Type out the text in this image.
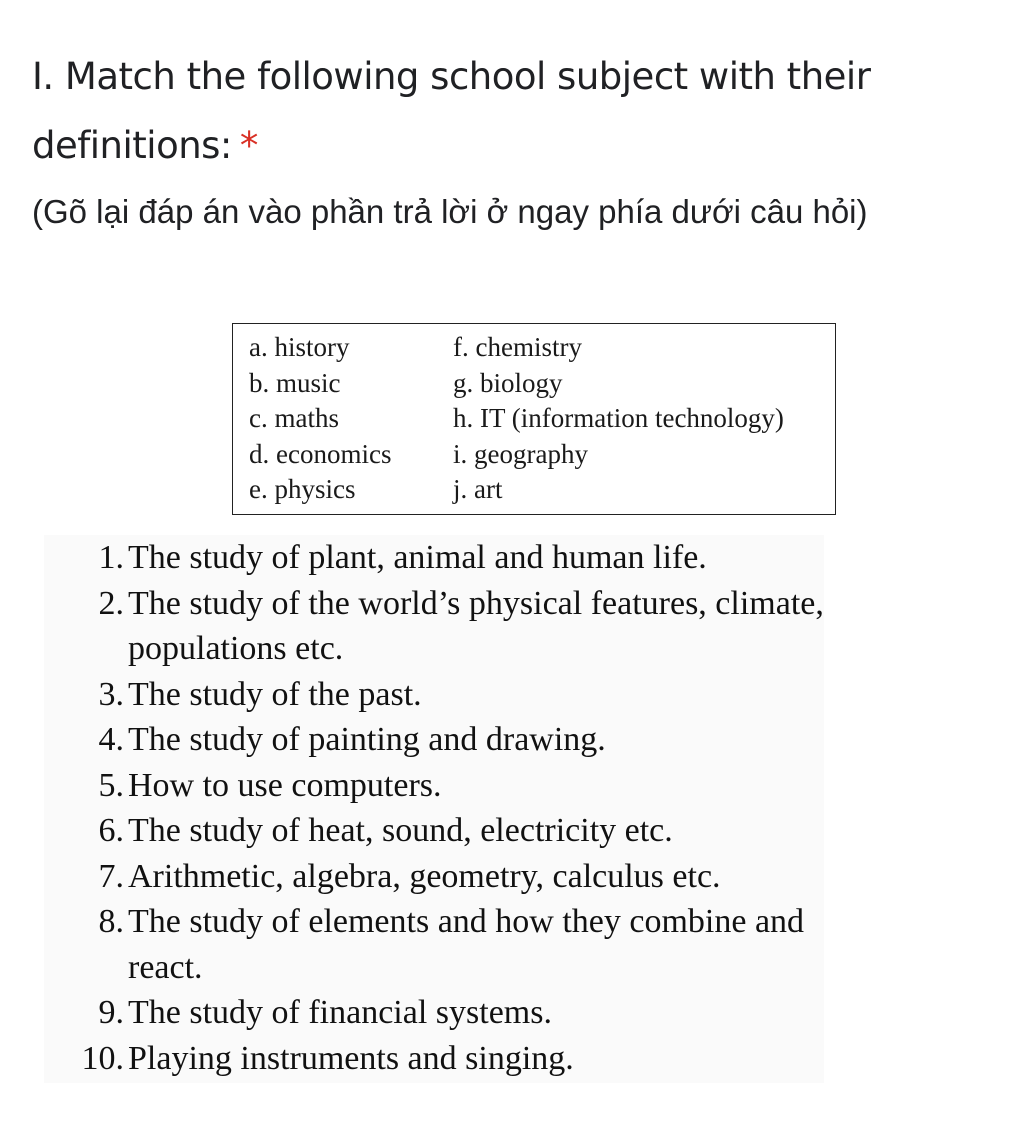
I. Match the following school subject with their definitions: *
(Gõ lại đáp án vào phần trả lời ở ngay phía dưới câu hỏi)
a. history
b. music
c. maths
d. economics
e. physics
f. chemistry
g. biology
h. IT (information technology)
i. geography
j. art
1. The study of plant, animal and human life.
2. The study of the world’s physical features, climate, populations etc.
3. The study of the past.
4. The study of painting and drawing.
5. How to use computers.
6. The study of heat, sound, electricity etc.
7. Arithmetic, algebra, geometry, calculus etc.
8. The study of elements and how they combine and react.
9. The study of financial systems.
10. Playing instruments and singing.
